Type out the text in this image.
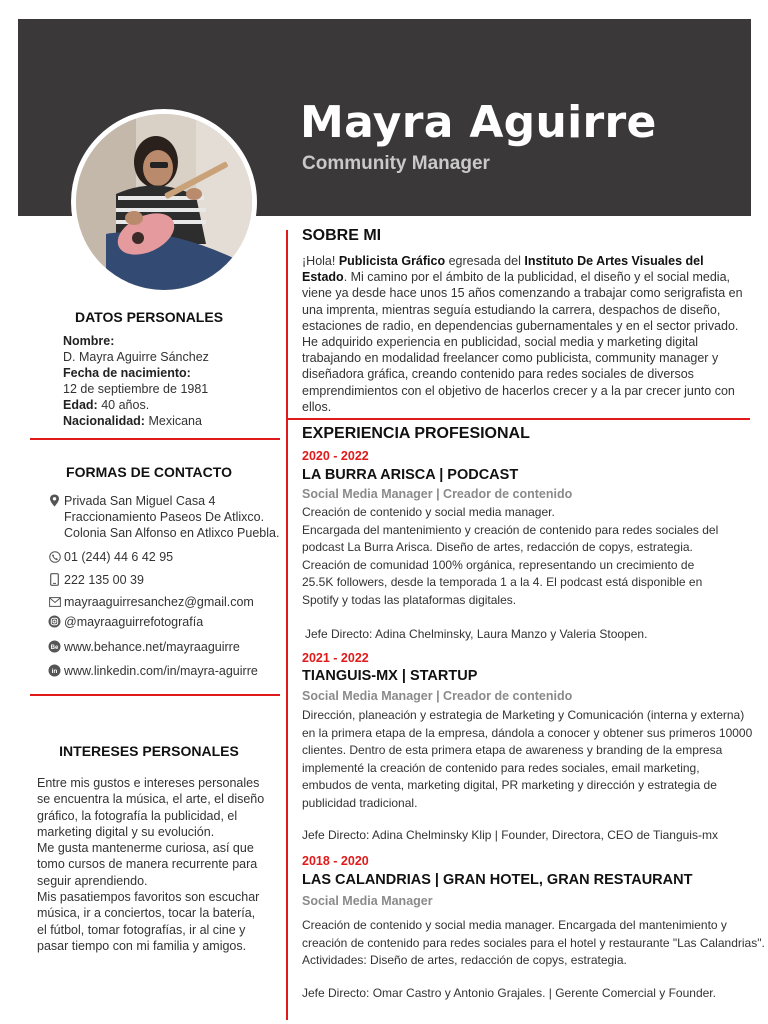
Mayra Aguirre
Community Manager
DATOS PERSONALES
Nombre:
D. Mayra Aguirre Sánchez
Fecha de nacimiento:
12 de septiembre de 1981
Edad: 40 años.
Nacionalidad: Mexicana
FORMAS DE CONTACTO
Privada San Miguel Casa 4
Fraccionamiento Paseos De Atlixco.
Colonia San Alfonso en Atlixco Puebla.
01 (244) 44 6 42 95
222 135 00 39
mayraaguirresanchez@gmail.com
@mayraaguirrefotografía
Be www.behance.net/mayraaguirre
in www.linkedin.com/in/mayra-aguirre
INTERESES PERSONALES

Entre mis gustos e intereses personales

se encuentra la música, el arte, el diseño

gráfico, la fotografía la publicidad, el

marketing digital y su evolución.

Me gusta mantenerme curiosa, así que

tomo cursos de manera recurrente para

seguir aprendiendo.

Mis pasatiempos favoritos son escuchar

música, ir a conciertos, tocar la batería,

el fútbol, tomar fotografías, ir al cine y

pasar tiempo con mi familia y amigos.

SOBRE MI
¡Hola! Publicista Gráfico egresada del Instituto De Artes Visuales del Estado. Mi camino por el ámbito de la publicidad, el diseño y el social media, viene ya desde hace unos 15 años comenzando a trabajar como serigrafista en una imprenta, mientras seguía estudiando la carrera, despachos de diseño, estaciones de radio, en dependencias gubernamentales y en el sector privado. He adquirido experiencia en publicidad, social media y marketing digital trabajando en modalidad freelancer como publicista, community manager y diseñadora gráfica, creando contenido para redes sociales de diversos emprendimientos con el objetivo de hacerlos crecer y a la par crecer junto con ellos.
EXPERIENCIA PROFESIONAL
2020 - 2022
LA BURRA ARISCA | PODCAST
Social Media Manager | Creador de contenido

Creación de contenido y social media manager.

Encargada del mantenimiento y creación de contenido para redes sociales del

podcast La Burra Arisca. Diseño de artes, redacción de copys, estrategia.

Creación de comunidad 100% orgánica, representando un crecimiento de

25.5K followers, desde la temporada 1 a la 4. El podcast está disponible en

Spotify y todas las plataformas digitales.

Jefe Directo: Adina Chelminsky, Laura Manzo y Valeria Stoopen.
2021 - 2022
TIANGUIS-MX | STARTUP
Social Media Manager | Creador de contenido

Dirección, planeación y estrategia de Marketing y Comunicación (interna y externa)

en la primera etapa de la empresa, dándola a conocer y obtener sus primeros 10000

clientes. Dentro de esta primera etapa de awareness y branding de la empresa

implementé la creación de contenido para redes sociales, email marketing,

embudos de venta, marketing digital, PR marketing y dirección y estrategia de

publicidad tradicional.

Jefe Directo: Adina Chelminsky Klip | Founder, Directora, CEO de Tianguis-mx
2018 - 2020
LAS CALANDRIAS | GRAN HOTEL, GRAN RESTAURANT
Social Media Manager

Creación de contenido y social media manager. Encargada del mantenimiento y

creación de contenido para redes sociales para el hotel y restaurante "Las Calandrias".

Actividades: Diseño de artes, redacción de copys, estrategia.

Jefe Directo: Omar Castro y Antonio Grajales. | Gerente Comercial y Founder.
